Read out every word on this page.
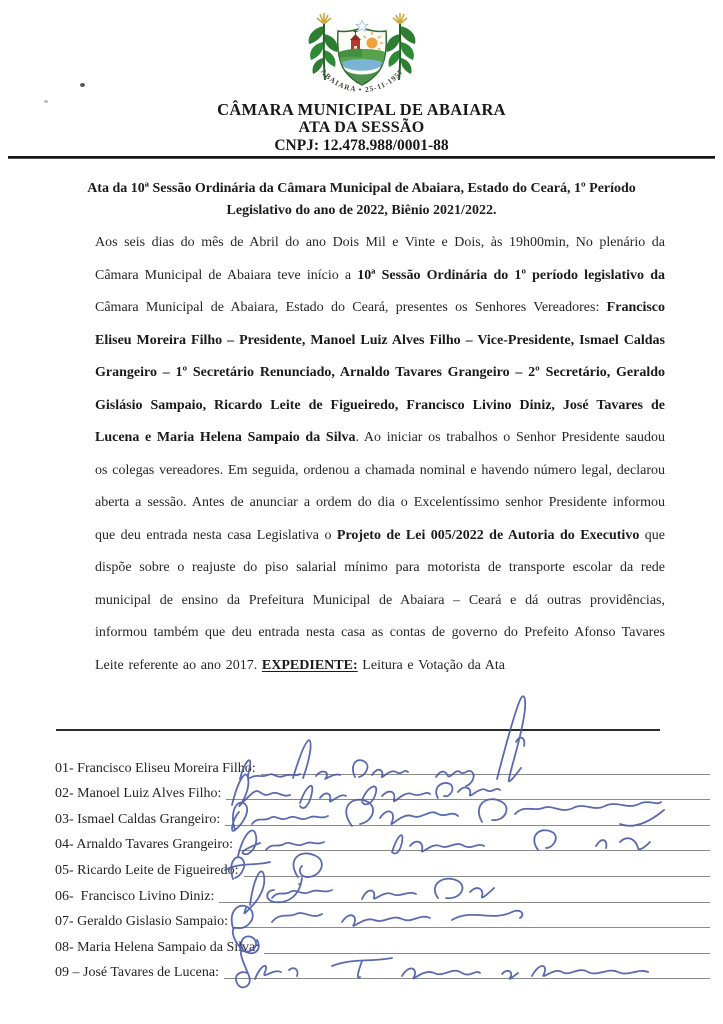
ABAIARA • 25-11-1957
CÂMARA MUNICIPAL DE ABAIARA
ATA DA SESSÃO
CNPJ: 12.478.988/0001-88
Ata da 10ª Sessão Ordinária da Câmara Municipal de Abaiara, Estado do Ceará, 1º Período Legislativo do ano de 2022, Biênio 2021/2022.

Aos seis dias do mês de Abril do ano Dois Mil e Vinte e Dois, às 19h00min, No plenário da Câmara Municipal de Abaiara teve início a 10ª Sessão Ordinária do 1º período legislativo da Câmara Municipal de Abaiara, Estado do Ceará, presentes os Senhores Vereadores: Francisco Eliseu Moreira Filho – Presidente, Manoel Luiz Alves Filho – Vice-Presidente, Ismael Caldas Grangeiro – 1º Secretário Renunciado, Arnaldo Tavares Grangeiro – 2º Secretário, Geraldo Gislásio Sampaio, Ricardo Leite de Figueiredo, Francisco Livino Diniz, José Tavares de Lucena e Maria Helena Sampaio da Silva. Ao iniciar os trabalhos o Senhor Presidente saudou os colegas vereadores. Em seguida, ordenou a chamada nominal e havendo número legal, declarou aberta a sessão. Antes de anunciar a ordem do dia o Excelentíssimo senhor Presidente informou que deu entrada nesta casa Legislativa o Projeto de Lei 005/2022 de Autoria do Executivo que dispõe sobre o reajuste do piso salarial mínimo para motorista de transporte escolar da rede municipal de ensino da Prefeitura Municipal de Abaiara – Ceará e dá outras providências, informou também que deu entrada nesta casa as contas de governo do Prefeito Afonso Tavares Leite referente ao ano 2017. EXPEDIENTE: Leitura e Votação da Ata

01- Francisco Eliseu Moreira Filho:
02- Manoel Luiz Alves Filho:
03- Ismael Caldas Grangeiro:
04- Arnaldo Tavares Grangeiro:
05- Ricardo Leite de Figueiredo:
06-  Francisco Livino Diniz:
07- Geraldo Gislasio Sampaio:
08- Maria Helena Sampaio da Silva:
09 – José Tavares de Lucena:
